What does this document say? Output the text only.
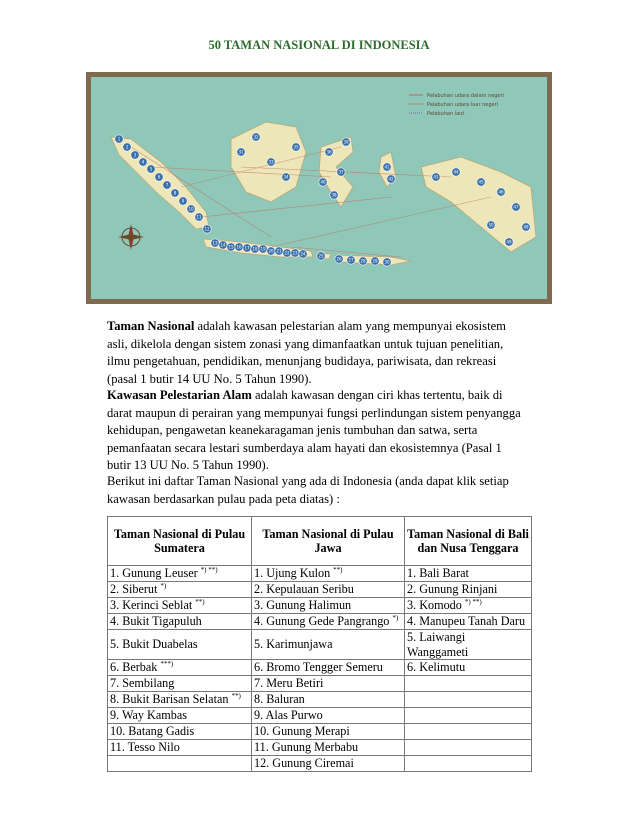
50 TAMAN NASIONAL DI INDONESIA
Pelabuhan udara dalam negeri
Pelabuhan udara luar negeri
Pelabuhan laut
1
2
3
4
5
6
7
8
9
10
11
12
13 14 15 16 17 18 19 20 21 22 23 24	25
26 27 28 29 30
31
32
33
34
35
36
37
38
39
40
41
42	43
44
45
46
47
48
49
50

Taman Nasional adalah kawasan pelestarian alam yang mempunyai ekosistem asli, dikelola dengan sistem zonasi yang dimanfaatkan untuk tujuan penelitian, ilmu pengetahuan, pendidikan, menunjang budidaya, pariwisata, dan rekreasi (pasal 1 butir 14 UU No. 5 Tahun 1990).

Kawasan Pelestarian Alam adalah kawasan dengan ciri khas tertentu, baik di darat maupun di perairan yang mempunyai fungsi perlindungan sistem penyangga kehidupan, pengawetan keanekaragaman jenis tumbuhan dan satwa, serta pemanfaatan secara lestari sumberdaya alam hayati dan ekosistemnya (Pasal 1 butir 13 UU No. 5 Tahun 1990).

Berikut ini daftar Taman Nasional yang ada di Indonesia (anda dapat klik setiap kawasan berdasarkan pulau pada peta diatas) :

Taman Nasional di Pulau Sumatera	Taman Nasional di Pulau Jawa	Taman Nasional di Bali dan Nusa Tenggara
1. Gunung Leuser *) **)	1. Ujung Kulon **)	1. Bali Barat
2. Siberut *)	2. Kepulauan Seribu	2. Gunung Rinjani
3. Kerinci Seblat **)	3. Gunung Halimun	3. Komodo *) **)
4. Bukit Tigapuluh	4. Gunung Gede Pangrango *)	4. Manupeu Tanah Daru
5. Bukit Duabelas	5. Karimunjawa	5. Laiwangi Wanggameti
6. Berbak ***)	6. Bromo Tengger Semeru	6. Kelimutu
7. Sembilang	7. Meru Betiri	
8. Bukit Barisan Selatan **)	8. Baluran	
9. Way Kambas	9. Alas Purwo	
10. Batang Gadis	10. Gunung Merapi	
11. Tesso Nilo	11. Gunung Merbabu	
	12. Gunung Ciremai	
